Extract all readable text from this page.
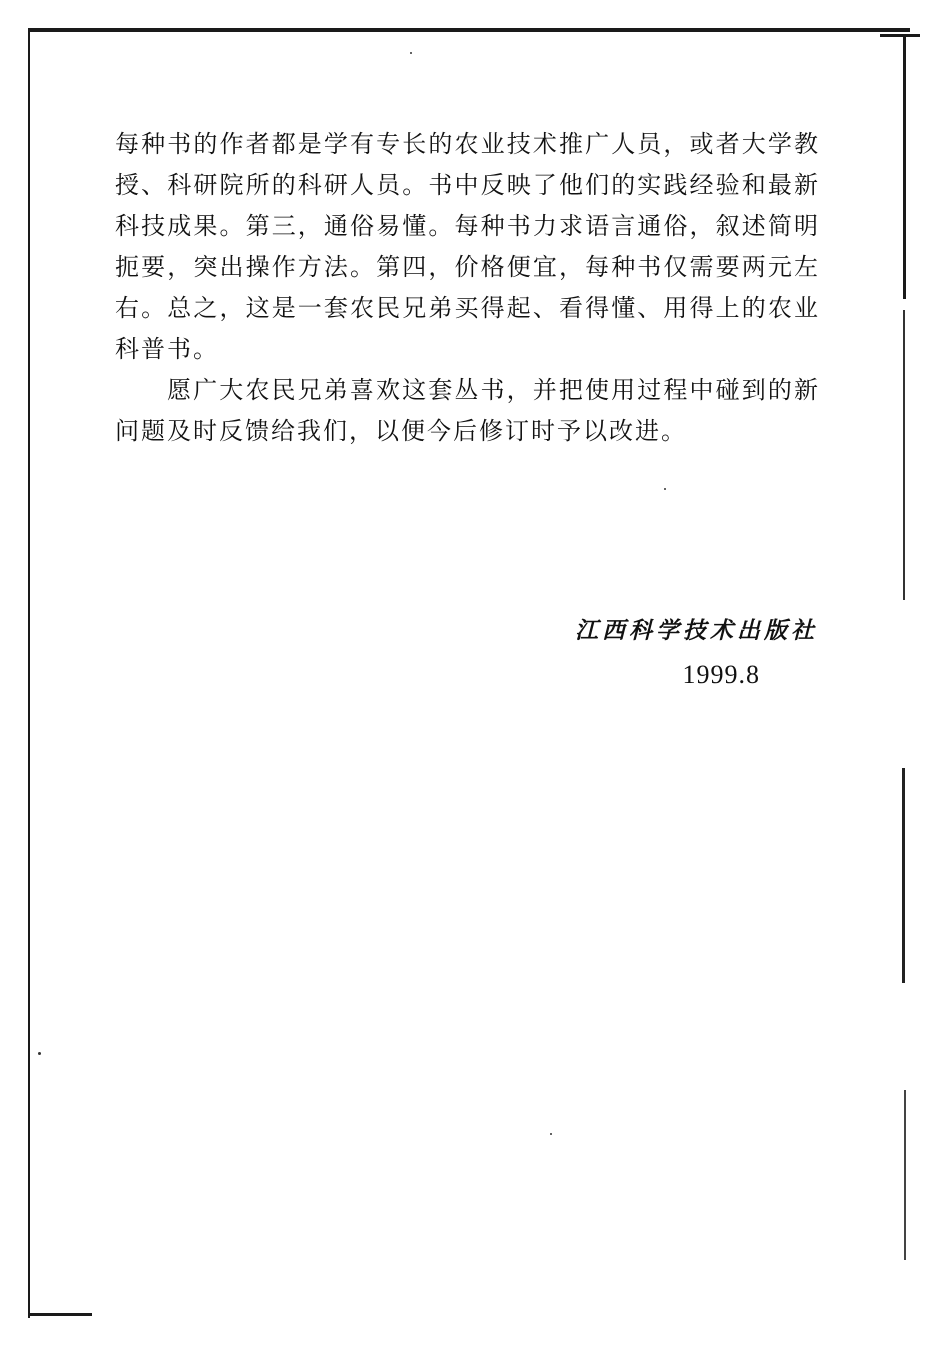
每种书的作者都是学有专长的农业技术推广人员，或者大学教授、科研院所的科研人员。书中反映了他们的实践经验和最新科技成果。第三，通俗易懂。每种书力求语言通俗，叙述简明扼要，突出操作方法。第四，价格便宜，每种书仅需要两元左右。总之，这是一套农民兄弟买得起、看得懂、用得上的农业科普书。

愿广大农民兄弟喜欢这套丛书，并把使用过程中碰到的新问题及时反馈给我们，以便今后修订时予以改进。

江西科学技术出版社
1999.8
